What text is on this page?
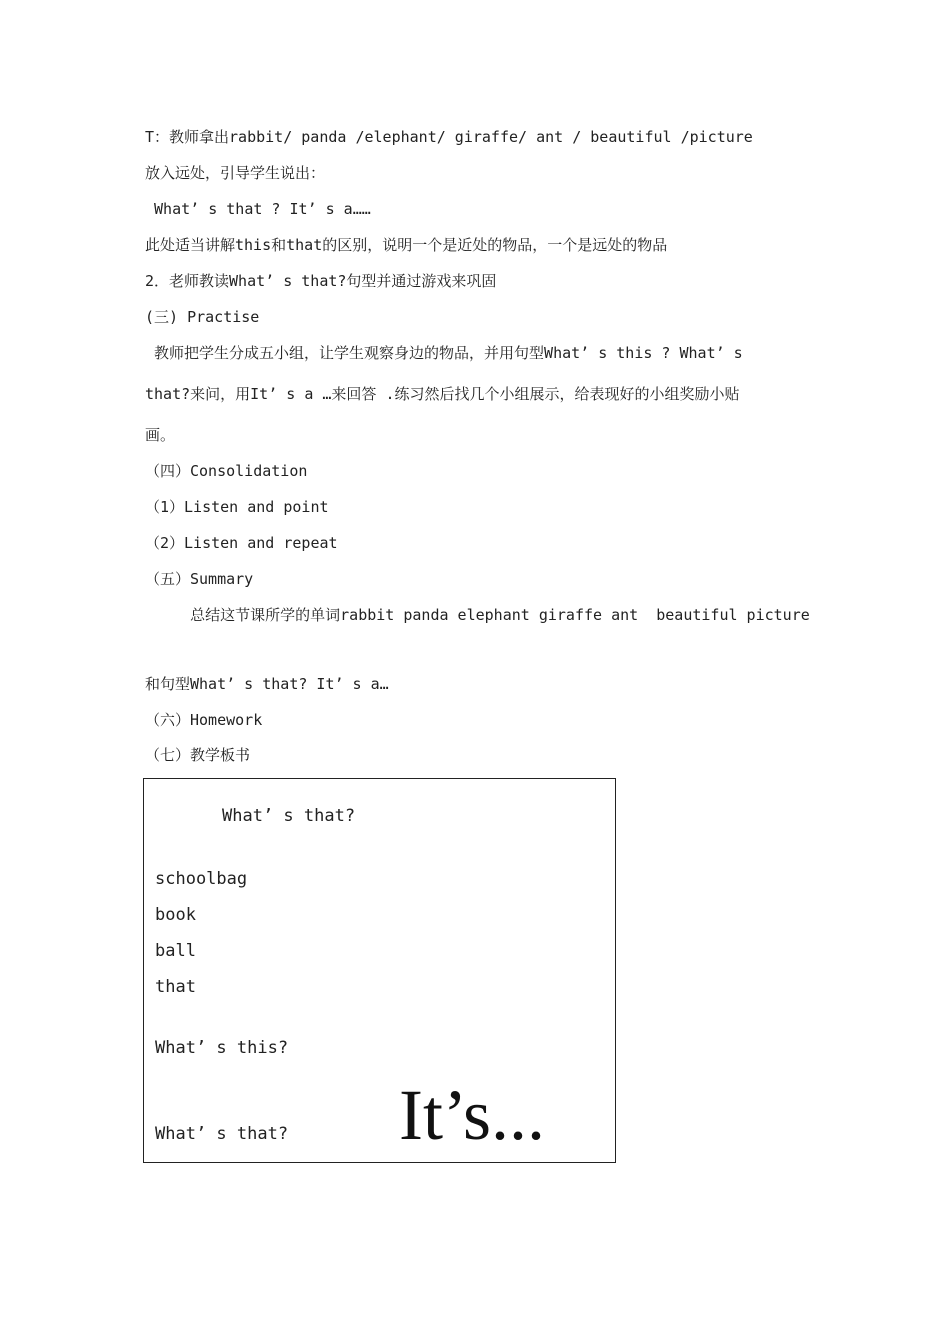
T：教师拿出rabbit/ panda /elephant/ giraffe/ ant / beautiful /picture
放入远处，引导学生说出：
What’ s that ? It’ s a……
此处适当讲解this和that的区别，说明一个是近处的物品，一个是远处的物品
2．老师教读What’ s that?句型并通过游戏来巩固
(三) Practise
教师把学生分成五小组，让学生观察身边的物品，并用句型What’ s this ? What’ s
that?来问，用It’ s a …来回答 .练习然后找几个小组展示，给表现好的小组奖励小贴
画。
（四）Consolidation
（1）Listen and point
（2）Listen and repeat
（五）Summary
总结这节课所学的单词rabbit panda elephant giraffe ant  beautiful picture
和句型What’ s that? It’ s a…
（六）Homework
（七）教学板书
What’ s that?
schoolbag
book
ball
that
What’ s this?
What’ s that? It’s...
